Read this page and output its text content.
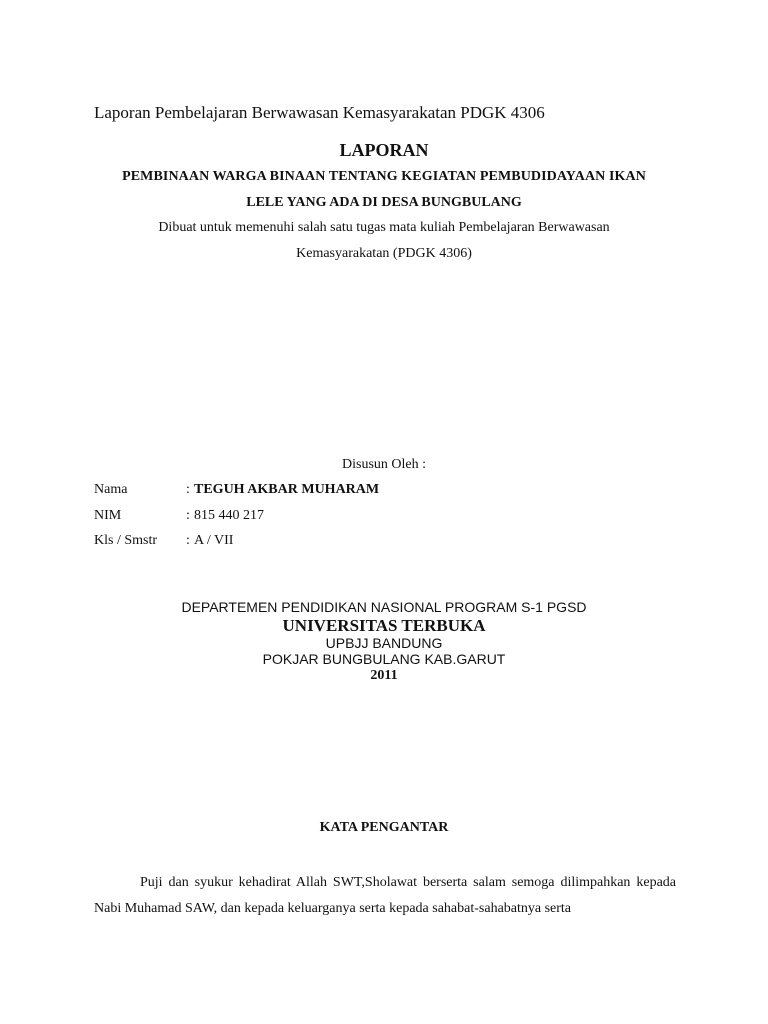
Laporan Pembelajaran Berwawasan Kemasyarakatan PDGK 4306
LAPORAN
PEMBINAAN WARGA BINAAN TENTANG KEGIATAN PEMBUDIDAYAAN IKAN
LELE YANG ADA DI DESA BUNGBULANG
Dibuat untuk memenuhi salah satu tugas mata kuliah Pembelajaran Berwawasan
Kemasyarakatan (PDGK 4306)
Disusun Oleh :
Nama	: TEGUH AKBAR MUHARAM
NIM	: 815 440 217
Kls / Smstr : A / VII
DEPARTEMEN PENDIDIKAN NASIONAL PROGRAM S-1 PGSD
UNIVERSITAS TERBUKA
UPBJJ BANDUNG
POKJAR BUNGBULANG KAB.GARUT
2011
KATA PENGANTAR
Puji dan syukur kehadirat Allah SWT,Sholawat berserta salam semoga dilimpahkan kepada Nabi Muhamad SAW, dan kepada keluarganya serta kepada sahabat-sahabatnya serta
